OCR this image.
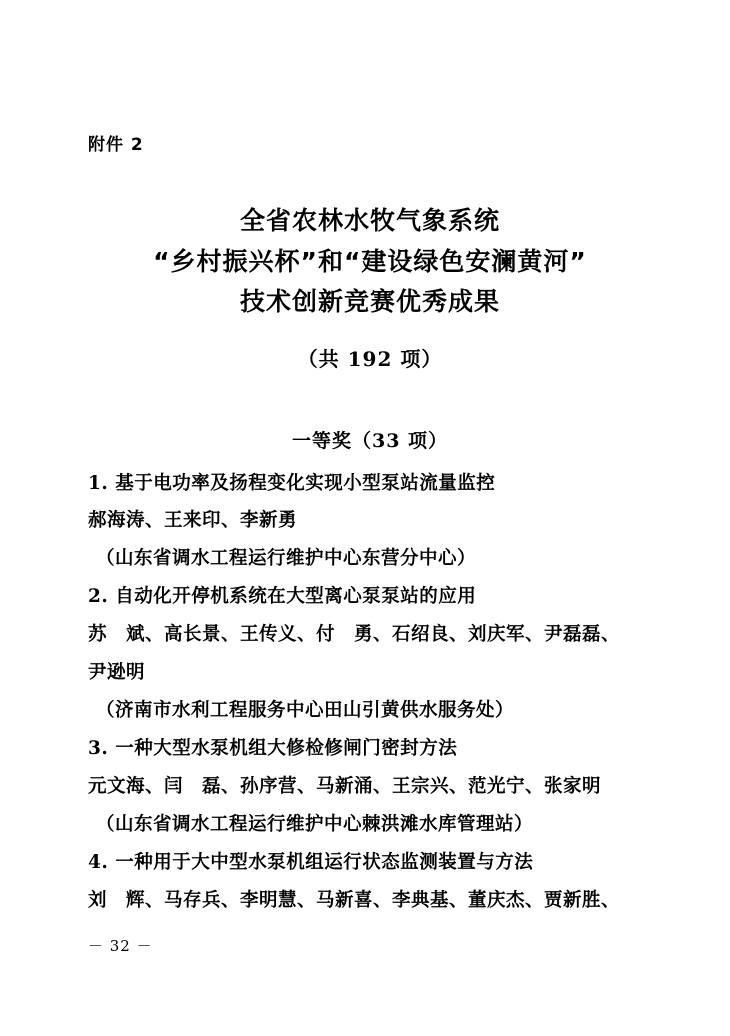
附件 2
全省农林水牧气象系统
“乡村振兴杯”和“建设绿色安澜黄河”
技术创新竞赛优秀成果
（共 192 项）
一等奖（33 项）
1. 基于电功率及扬程变化实现小型泵站流量监控
郝海涛、王来印、李新勇
（山东省调水工程运行维护中心东营分中心）
2. 自动化开停机系统在大型离心泵泵站的应用
苏　斌、高长景、王传义、付　勇、石绍良、刘庆军、尹磊磊、
尹逊明
（济南市水利工程服务中心田山引黄供水服务处）
3. 一种大型水泵机组大修检修闸门密封方法
元文海、闫　磊、孙序营、马新涌、王宗兴、范光宁、张家明
（山东省调水工程运行维护中心棘洪滩水库管理站）
4. 一种用于大中型水泵机组运行状态监测装置与方法
刘　辉、马存兵、李明慧、马新喜、李典基、董庆杰、贾新胜、
－ 32 －
